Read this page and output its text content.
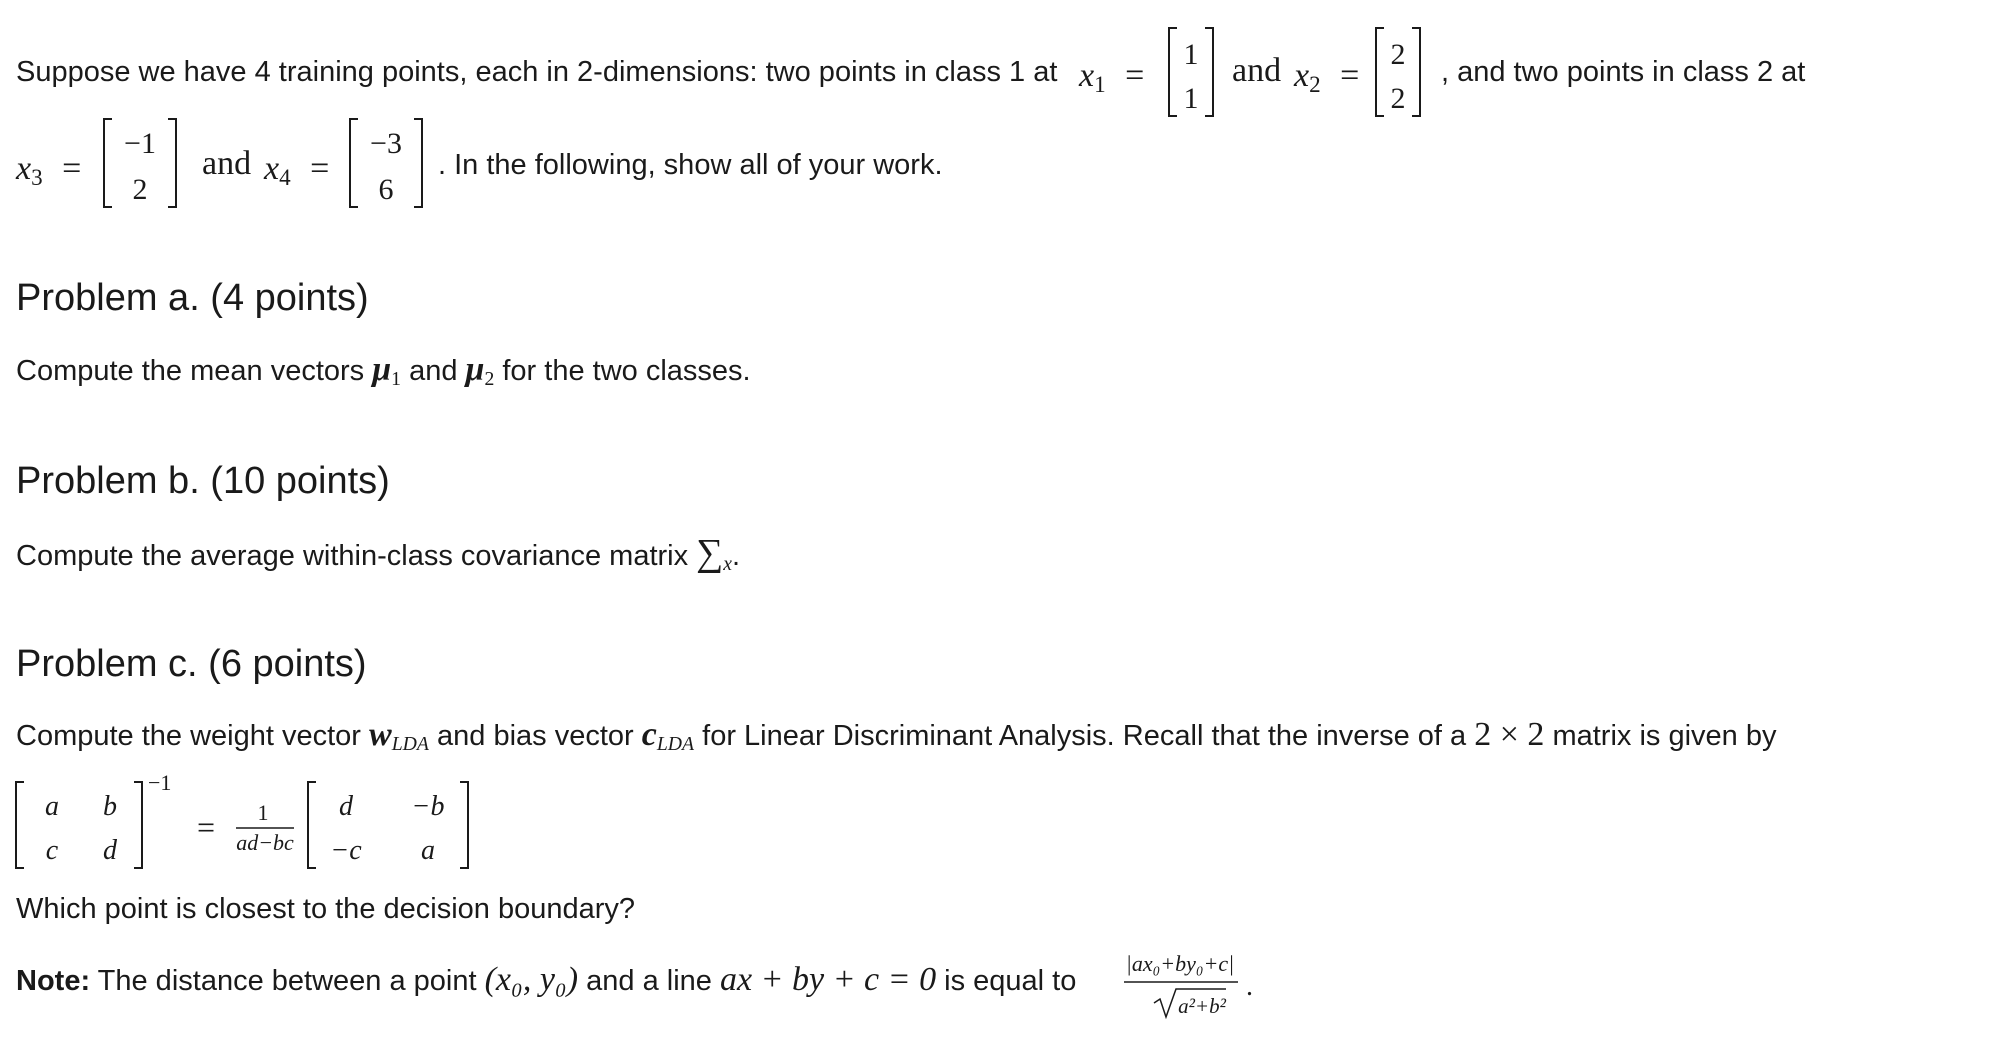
Suppose we have 4 training points, each in 2-dimensions: two points in class 1 at $x_1$ =
1
1
and $x_2$ =
2
2
, and two points in class 2 at
$x_3$ =
−1
2
and $x_4$ =
−3
6
. In the following, show all of your work.
Problem a. (4 points)
Compute the mean vectors $\mu_1$ and $\mu_2$ for the two classes.
Problem b. (10 points)
Compute the average within-class covariance matrix $\sum_x$.
Problem c. (6 points)
Compute the weight vector $w_{LDA}$ and bias vector $c_{LDA}$ for Linear Discriminant Analysis. Recall that the inverse of a 2 × 2 matrix is given by
a b
c d
−1
= 1
ad−bc
d −b
−c a
Which point is closest to the decision boundary?
Note: The distance between a point (x₀, y₀) and a line ax + by + c = 0 is equal to
|ax₀+by₀+c|
a²+b²
.
